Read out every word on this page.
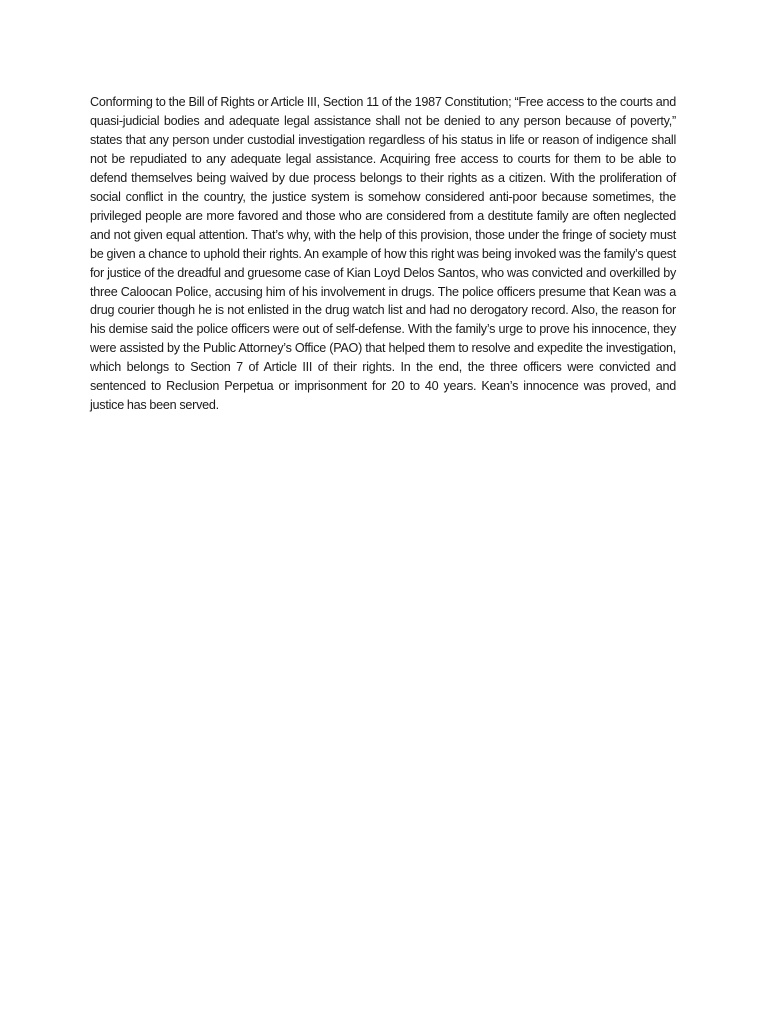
Conforming to the Bill of Rights or Article III, Section 11 of the 1987 Constitution; “Free access to the courts and quasi-judicial bodies and adequate legal assistance shall not be denied to any person because of poverty,” states that any person under custodial investigation regardless of his status in life or reason of indigence shall not be repudiated to any adequate legal assistance. Acquiring free access to courts for them to be able to defend themselves being waived by due process belongs to their rights as a citizen. With the proliferation of social conflict in the country, the justice system is somehow considered anti-poor because sometimes, the privileged people are more favored and those who are considered from a destitute family are often neglected and not given equal attention. That’s why, with the help of this provision, those under the fringe of society must be given a chance to uphold their rights. An example of how this right was being invoked was the family’s quest for justice of the dreadful and gruesome case of Kian Loyd Delos Santos, who was convicted and overkilled by three Caloocan Police, accusing him of his involvement in drugs. The police officers presume that Kean was a drug courier though he is not enlisted in the drug watch list and had no derogatory record. Also, the reason for his demise said the police officers were out of self-defense. With the family’s urge to prove his innocence, they were assisted by the Public Attorney’s Office (PAO) that helped them to resolve and expedite the investigation, which belongs to Section 7 of Article III of their rights. In the end, the three officers were convicted and sentenced to Reclusion Perpetua or imprisonment for 20 to 40 years. Kean’s innocence was proved, and justice has been served.
